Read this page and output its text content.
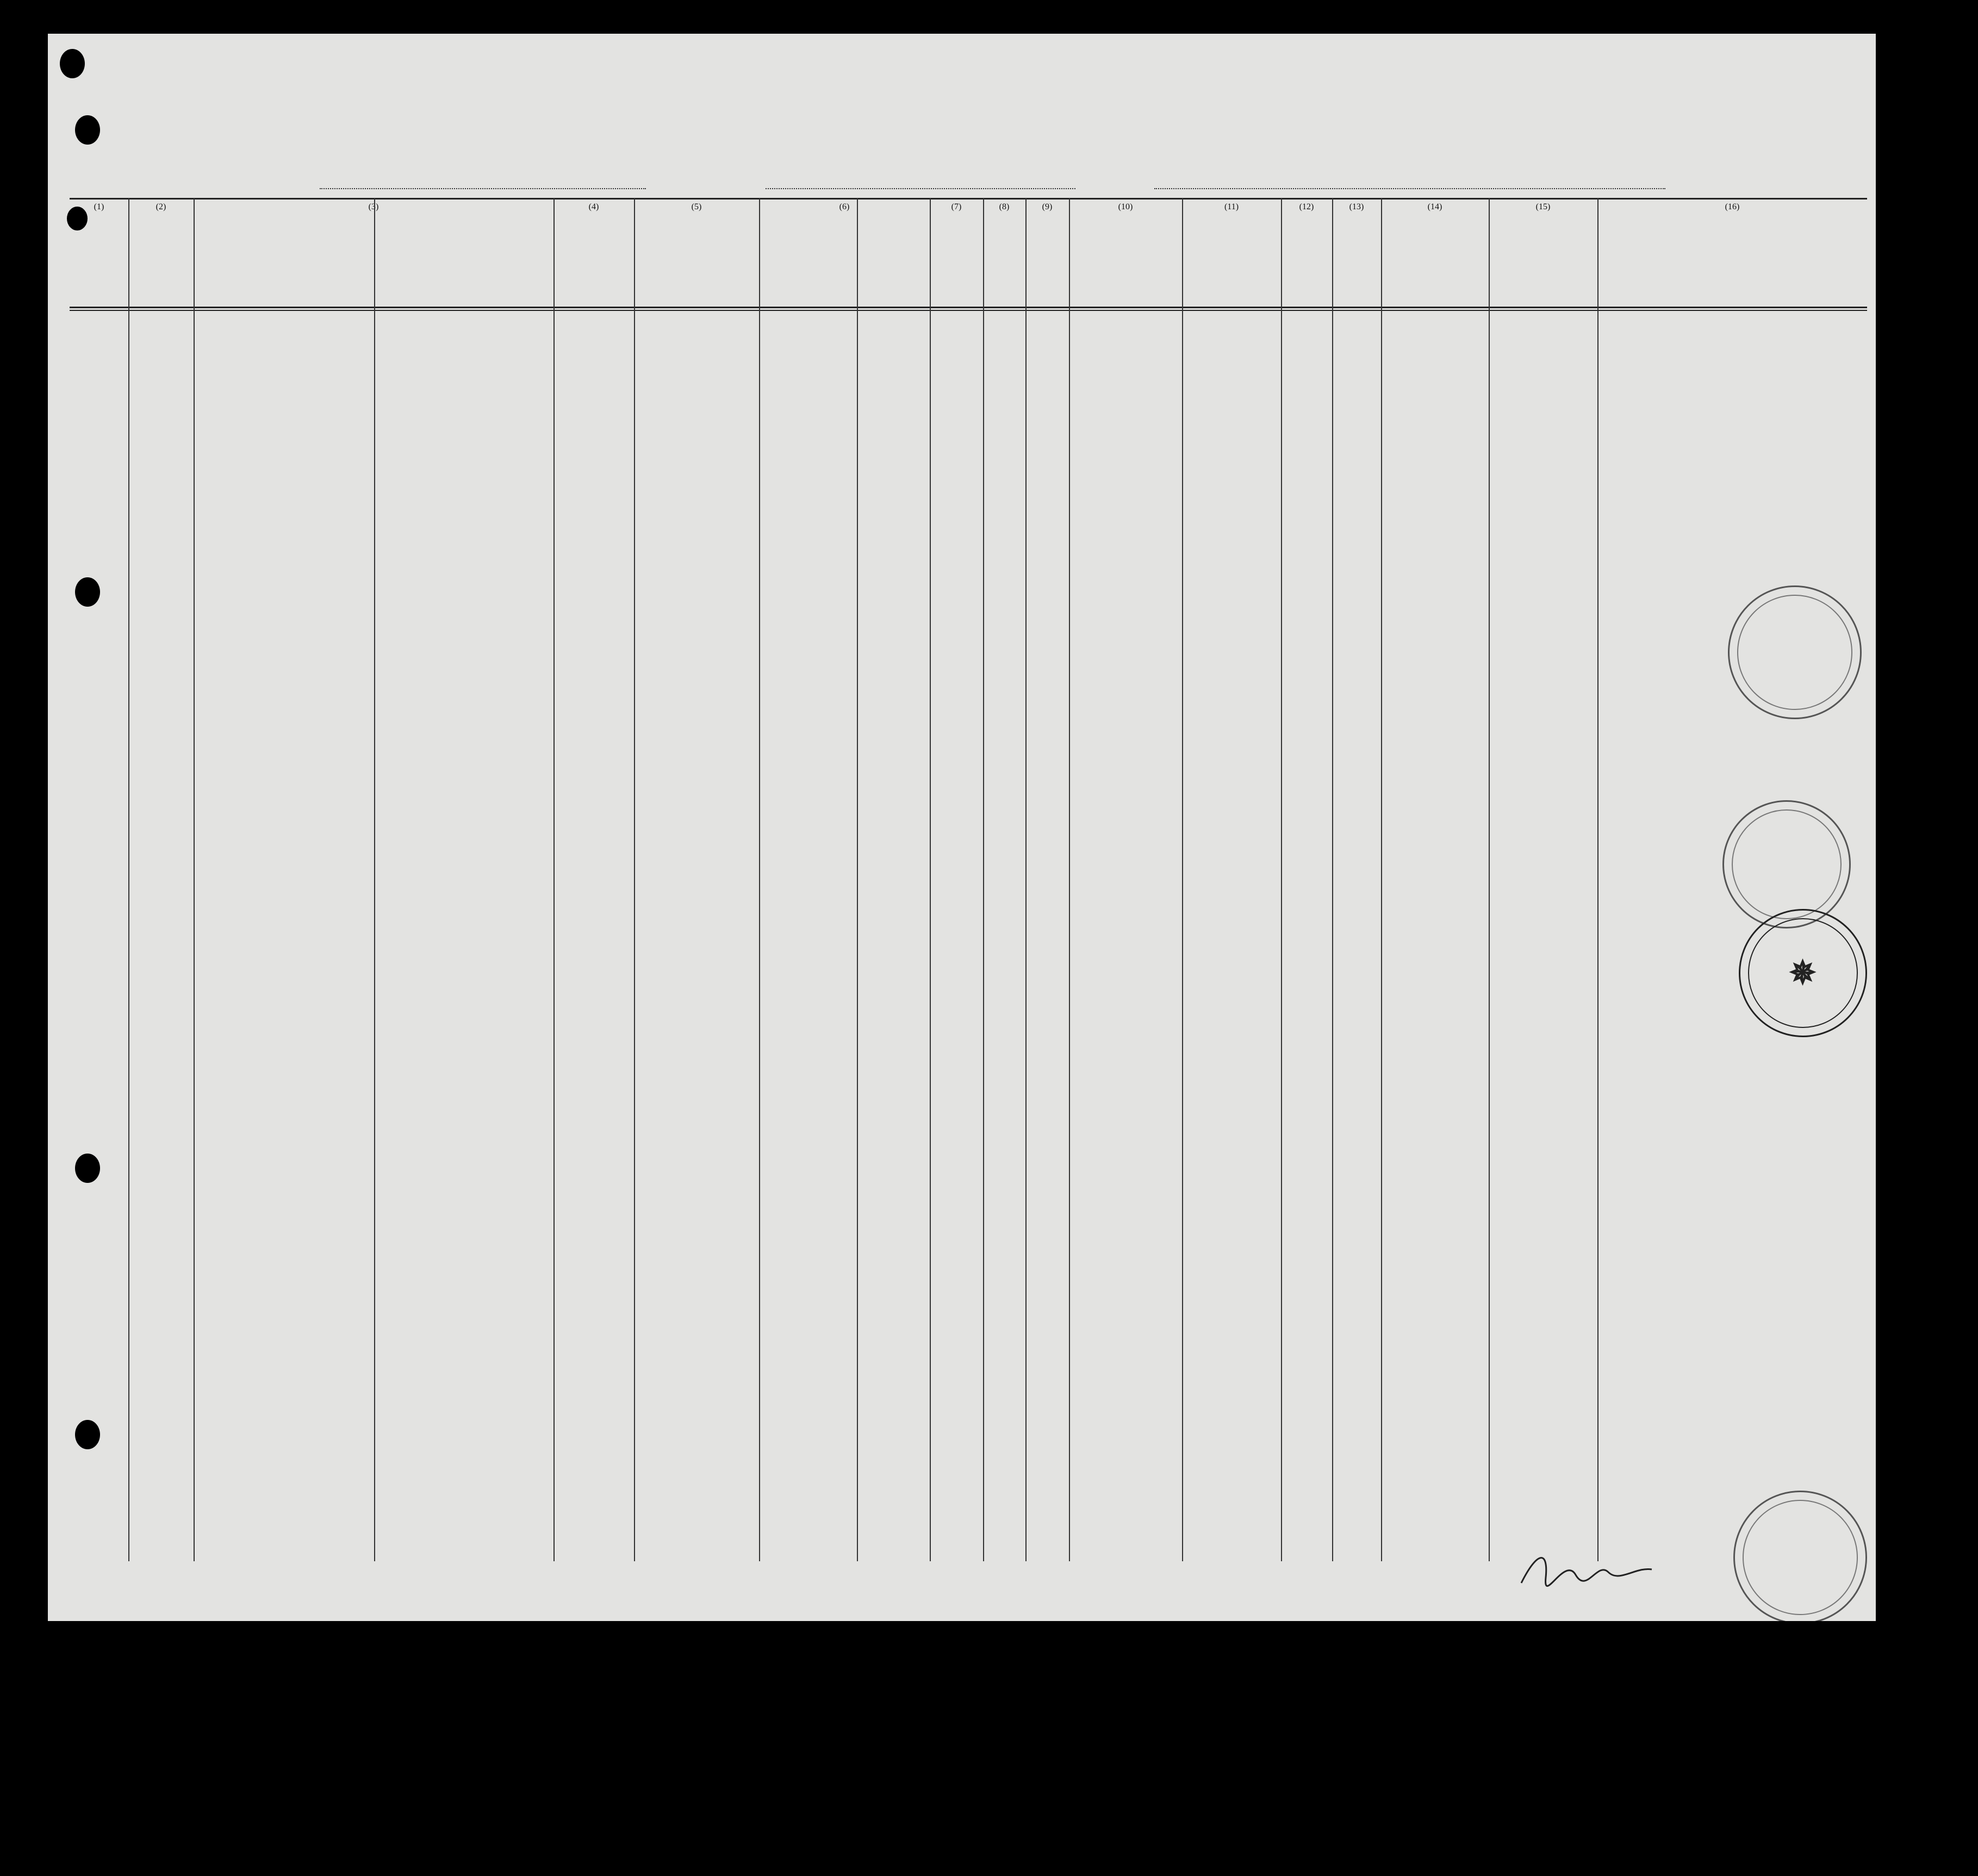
(1)	(2)	(3)	(4)	(5)	(6)	(7)	(8)	(9)	(10)	(11)	(12)	(13)	(14)	(15)	(16)
✵
